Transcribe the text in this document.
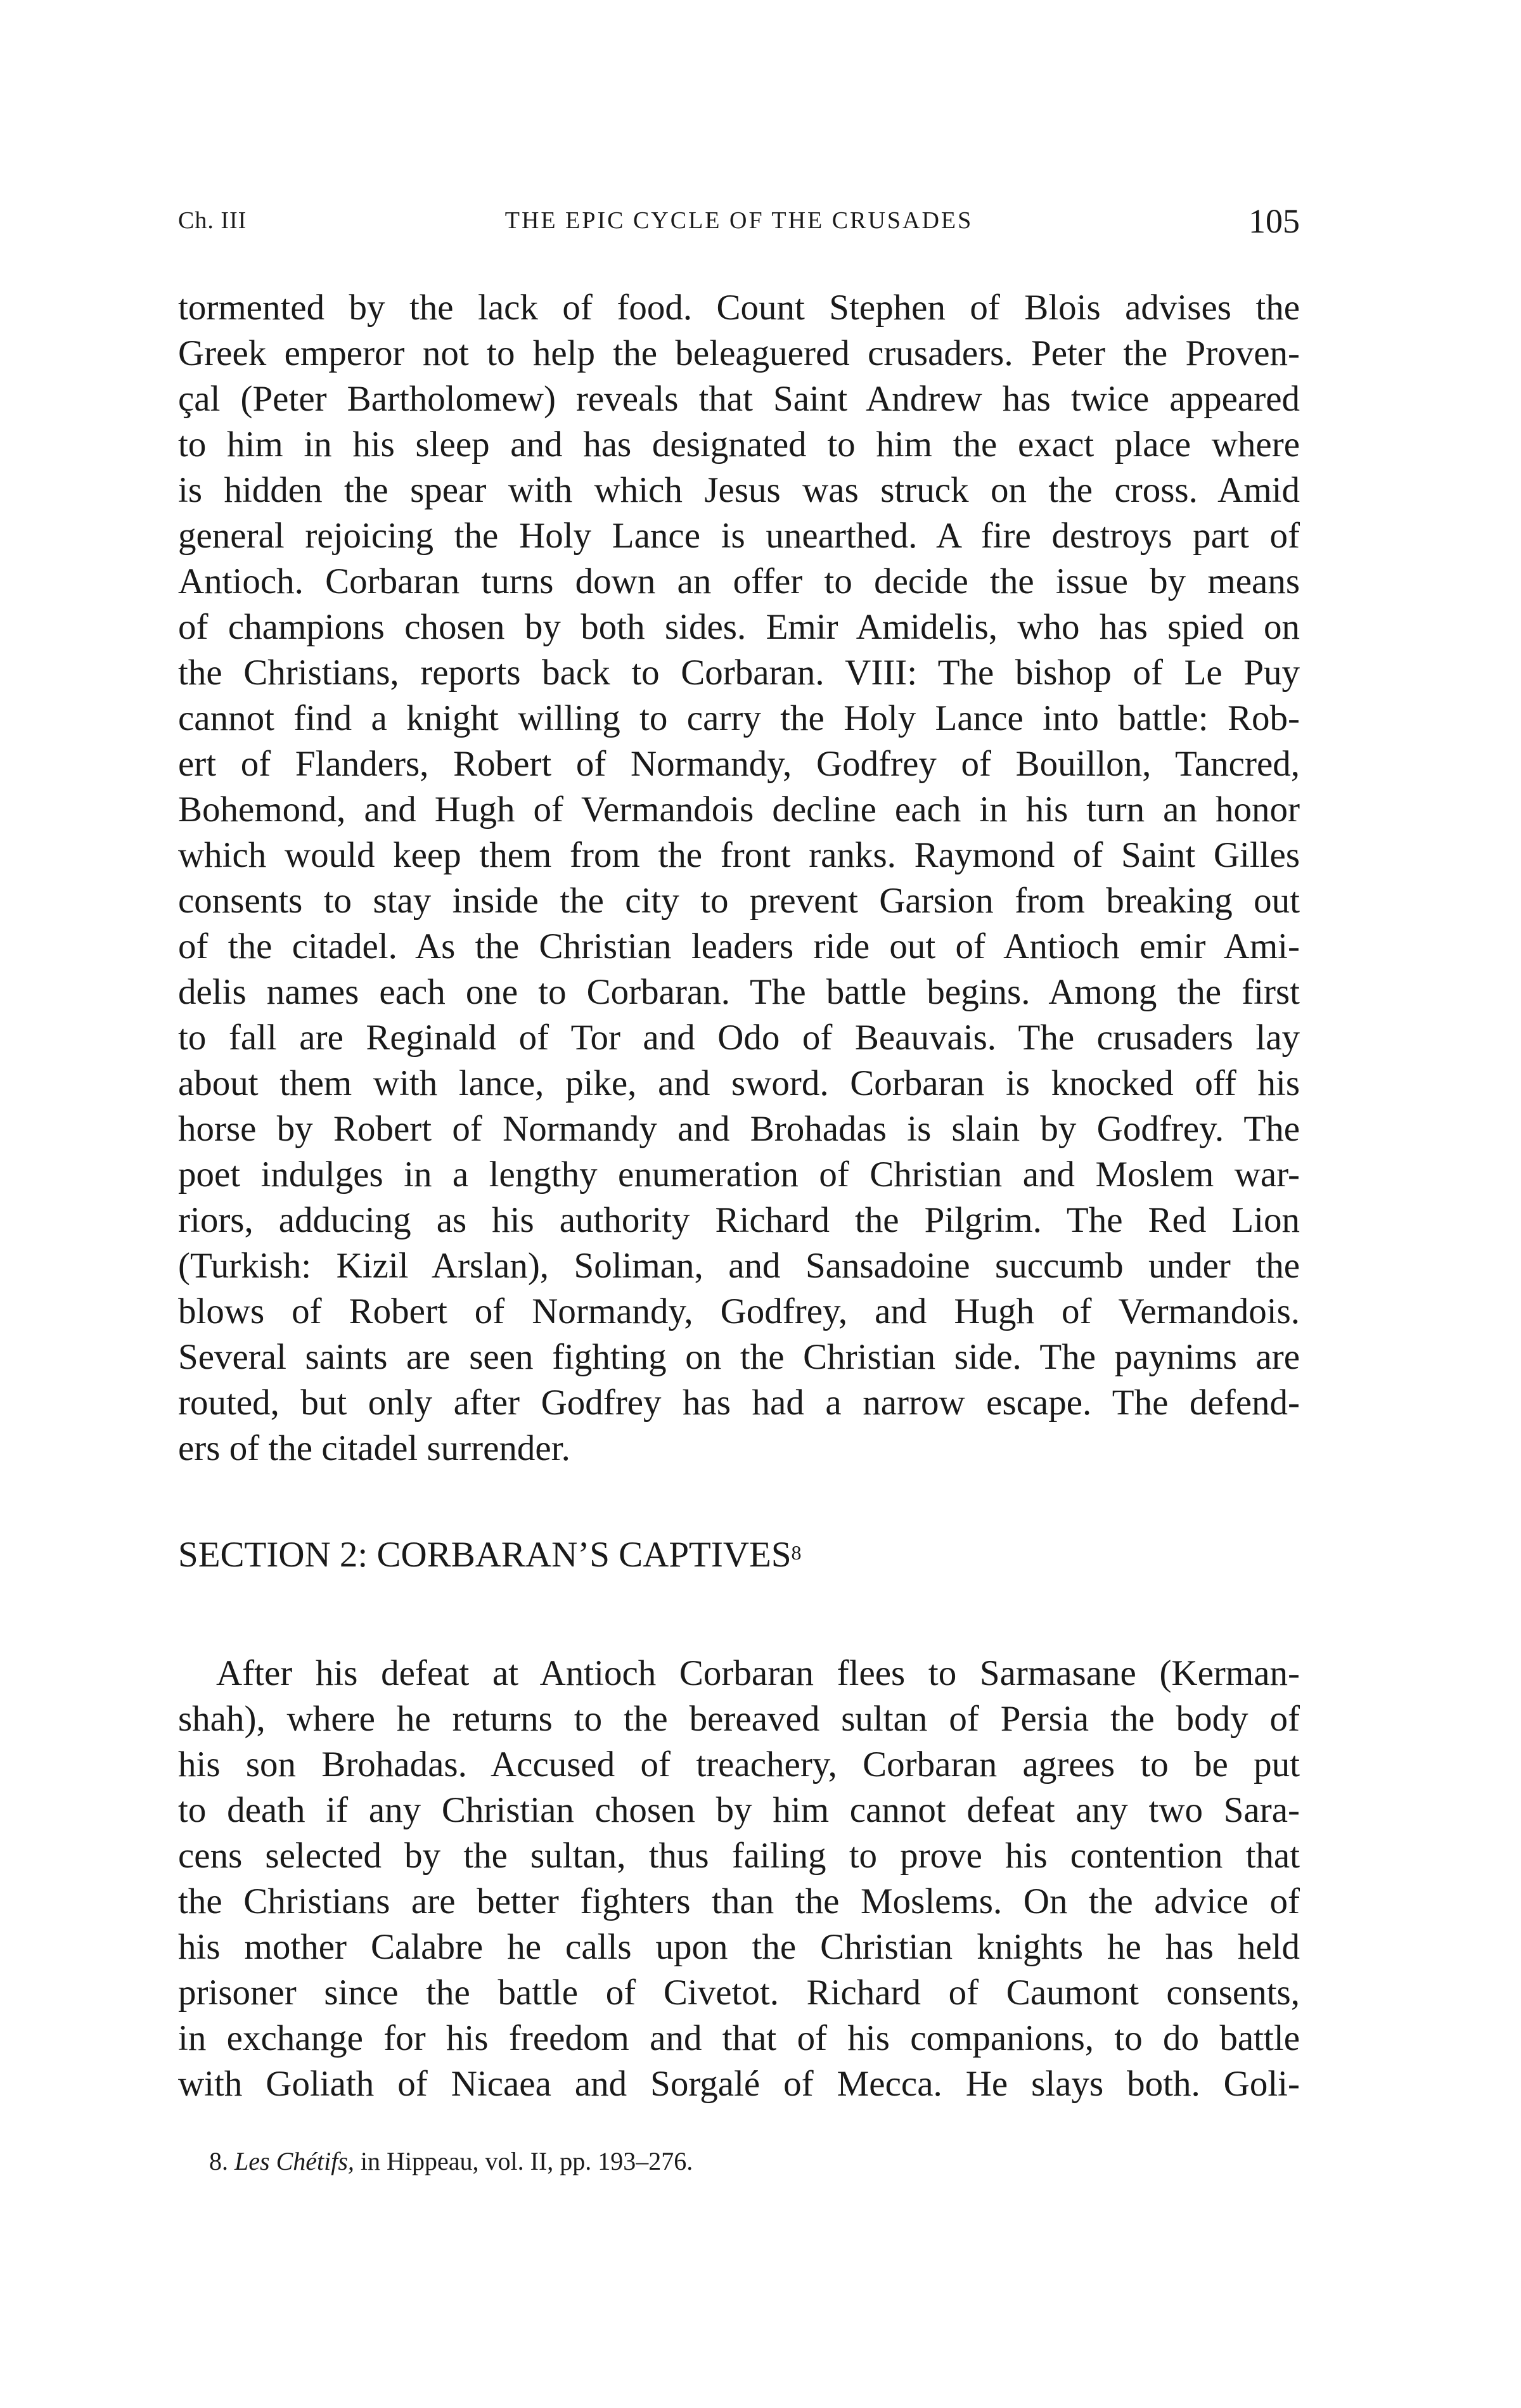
Ch. III	THE EPIC CYCLE OF THE CRUSADES	105
tormented by the lack of food. Count Stephen of Blois advises the
Greek emperor not to help the beleaguered crusaders. Peter the Proven-
çal (Peter Bartholomew) reveals that Saint Andrew has twice appeared
to him in his sleep and has designated to him the exact place where
is hidden the spear with which Jesus was struck on the cross. Amid
general rejoicing the Holy Lance is unearthed. A fire destroys part of
Antioch. Corbaran turns down an offer to decide the issue by means
of champions chosen by both sides. Emir Amidelis, who has spied on
the Christians, reports back to Corbaran. VIII: The bishop of Le Puy
cannot find a knight willing to carry the Holy Lance into battle: Rob-
ert of Flanders, Robert of Normandy, Godfrey of Bouillon, Tancred,
Bohemond, and Hugh of Vermandois decline each in his turn an honor
which would keep them from the front ranks. Raymond of Saint Gilles
consents to stay inside the city to prevent Garsion from breaking out
of the citadel. As the Christian leaders ride out of Antioch emir Ami-
delis names each one to Corbaran. The battle begins. Among the first
to fall are Reginald of Tor and Odo of Beauvais. The crusaders lay
about them with lance, pike, and sword. Corbaran is knocked off his
horse by Robert of Normandy and Brohadas is slain by Godfrey. The
poet indulges in a lengthy enumeration of Christian and Moslem war-
riors, adducing as his authority Richard the Pilgrim. The Red Lion
(Turkish: Kizil Arslan), Soliman, and Sansadoine succumb under the
blows of Robert of Normandy, Godfrey, and Hugh of Vermandois.
Several saints are seen fighting on the Christian side. The paynims are
routed, but only after Godfrey has had a narrow escape. The defend-
ers of the citadel surrender.
SECTION 2: CORBARAN’S CAPTIVES$^8$
After his defeat at Antioch Corbaran flees to Sarmasane (Kerman-
shah), where he returns to the bereaved sultan of Persia the body of
his son Brohadas. Accused of treachery, Corbaran agrees to be put
to death if any Christian chosen by him cannot defeat any two Sara-
cens selected by the sultan, thus failing to prove his contention that
the Christians are better fighters than the Moslems. On the advice of
his mother Calabre he calls upon the Christian knights he has held
prisoner since the battle of Civetot. Richard of Caumont consents,
in exchange for his freedom and that of his companions, to do battle
with Goliath of Nicaea and Sorgalé of Mecca. He slays both. Goli-
8. Les Chétifs, in Hippeau, vol. II, pp. 193–276.
